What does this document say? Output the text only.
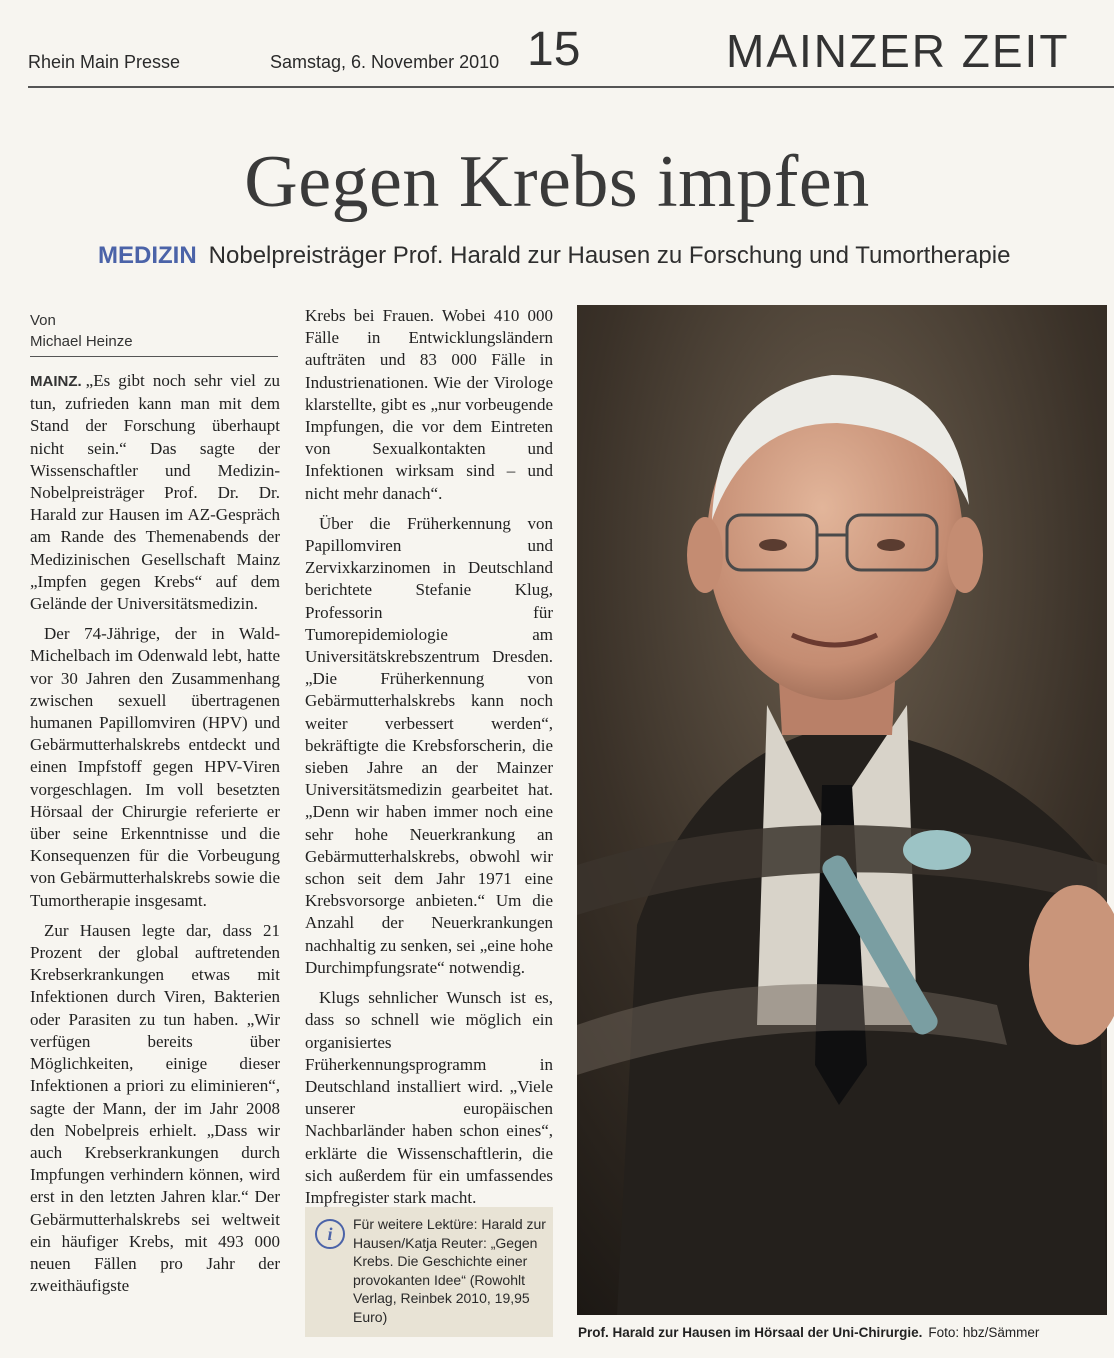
Rhein Main Presse	Samstag, 6. November 2010 15	MAINZER ZEIT
Gegen Krebs impfen
MEDIZIN Nobelpreisträger Prof. Harald zur Hausen zu Forschung und Tumortherapie
Von
Michael Heinze

MAINZ. „Es gibt noch sehr viel zu tun, zufrieden kann man mit dem Stand der Forschung überhaupt nicht sein.“ Das sagte der Wissenschaftler und Medizin-Nobelpreisträger Prof. Dr. Dr. Harald zur Hausen im AZ-Gespräch am Rande des Themenabends der Medizinischen Gesellschaft Mainz „Impfen gegen Krebs“ auf dem Gelände der Universitätsmedizin.

Der 74-Jährige, der in Wald-Michelbach im Odenwald lebt, hatte vor 30 Jahren den Zusammenhang zwischen sexuell übertragenen humanen Papillomviren (HPV) und Gebärmutterhalskrebs entdeckt und einen Impfstoff gegen HPV-Viren vorgeschlagen. Im voll besetzten Hörsaal der Chirurgie referierte er über seine Erkenntnisse und die Konsequenzen für die Vorbeugung von Gebärmutterhalskrebs sowie die Tumortherapie insgesamt.

Zur Hausen legte dar, dass 21 Prozent der global auftretenden Krebserkrankungen etwas mit Infektionen durch Viren, Bakterien oder Parasiten zu tun haben. „Wir verfügen bereits über Möglichkeiten, einige dieser Infektionen a priori zu eliminieren“, sagte der Mann, der im Jahr 2008 den Nobelpreis erhielt. „Dass wir auch Krebserkrankungen durch Impfungen verhindern können, wird erst in den letzten Jahren klar.“ Der Gebärmutterhalskrebs sei weltweit ein häufiger Krebs, mit 493 000 neuen Fällen pro Jahr der zweithäufigste

Krebs bei Frauen. Wobei 410 000 Fälle in Entwicklungsländern aufträten und 83 000 Fälle in Industrienationen. Wie der Virologe klarstellte, gibt es „nur vorbeugende Impfungen, die vor dem Eintreten von Sexualkontakten und Infektionen wirksam sind – und nicht mehr danach“.

Über die Früherkennung von Papillomviren und Zervixkarzinomen in Deutschland berichtete Stefanie Klug, Professorin für Tumorepidemiologie am Universitätskrebszentrum Dresden. „Die Früherkennung von Gebärmutterhalskrebs kann noch weiter verbessert werden“, bekräftigte die Krebsforscherin, die sieben Jahre an der Mainzer Universitätsmedizin gearbeitet hat. „Denn wir haben immer noch eine sehr hohe Neuerkrankung an Gebärmutterhalskrebs, obwohl wir schon seit dem Jahr 1971 eine Krebsvorsorge anbieten.“ Um die Anzahl der Neuerkrankungen nachhaltig zu senken, sei „eine hohe Durchimpfungsrate“ notwendig.

Klugs sehnlicher Wunsch ist es, dass so schnell wie möglich ein organisiertes Früherkennungsprogramm in Deutschland installiert wird. „Viele unserer europäischen Nachbarländer haben schon eines“, erklärte die Wissenschaftlerin, die sich außerdem für ein umfassendes Impfregister stark macht.

i	Für weitere Lektüre: Harald zur Hausen/Katja Reuter: „Gegen Krebs. Die Geschichte einer provokanten Idee“ (Rowohlt Verlag, Reinbek 2010, 19,95 Euro)
Prof. Harald zur Hausen im Hörsaal der Uni-Chirurgie. Foto: hbz/Sämmer
